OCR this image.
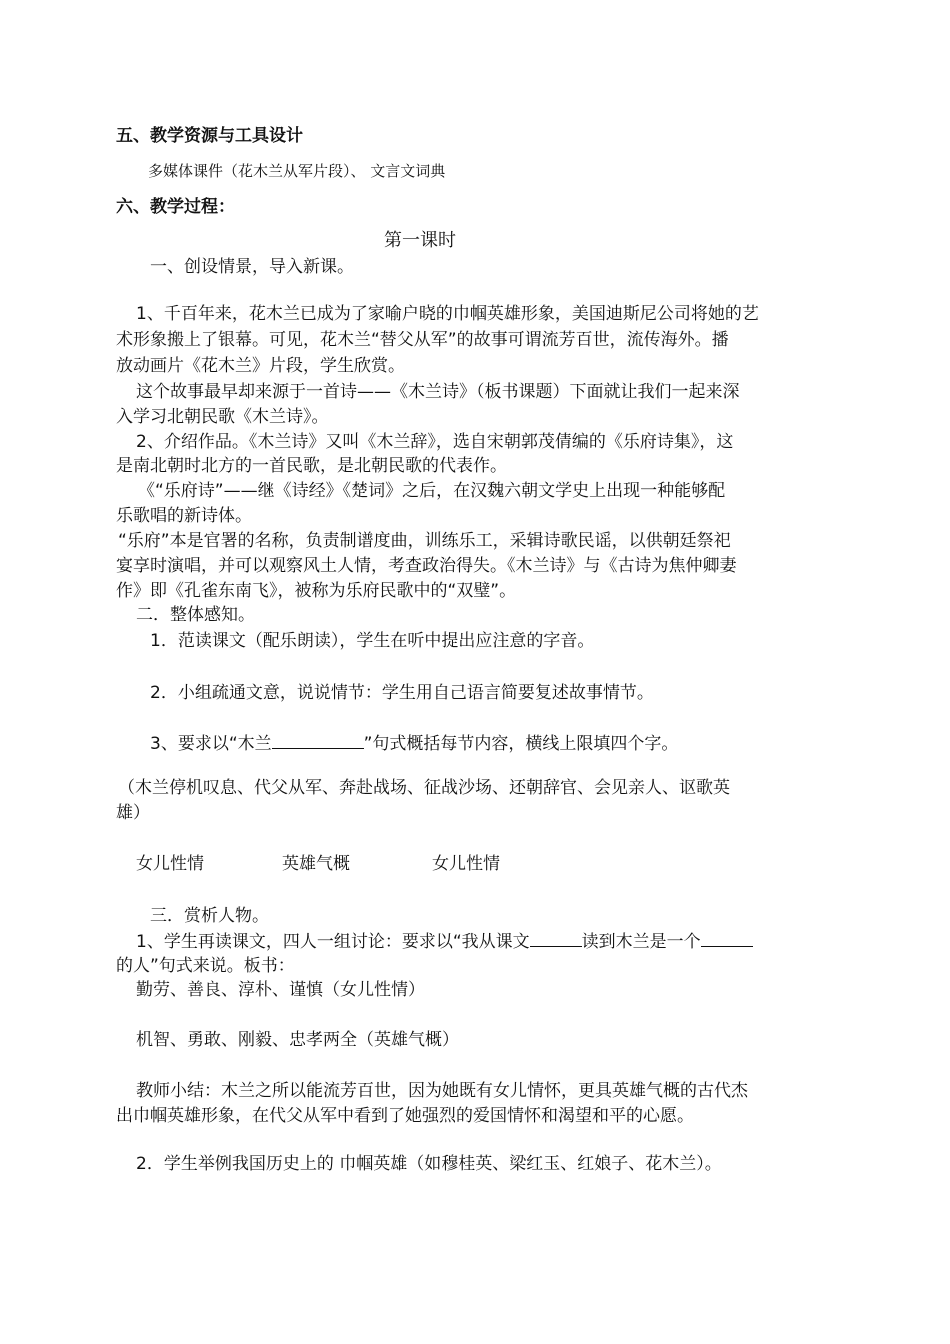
五、教学资源与工具设计
多媒体课件（花木兰从军片段）、 文言文词典
六、教学过程：
第一课时
一、创设情景，导入新课。
1、千百年来，花木兰已成为了家喻户晓的巾帼英雄形象，美国迪斯尼公司将她的艺
术形象搬上了银幕。可见，花木兰“替父从军”的故事可谓流芳百世，流传海外。播
放动画片《花木兰》片段，学生欣赏。
这个故事最早却来源于一首诗——《木兰诗》（板书课题）下面就让我们一起来深
入学习北朝民歌《木兰诗》。
2、介绍作品。《木兰诗》又叫《木兰辞》，选自宋朝郭茂倩编的《乐府诗集》，这
是南北朝时北方的一首民歌，是北朝民歌的代表作。
《“乐府诗”——继《诗经》《楚词》之后，在汉魏六朝文学史上出现一种能够配
乐歌唱的新诗体。
“乐府”本是官署的名称，负责制谱度曲，训练乐工，采辑诗歌民谣，以供朝廷祭祀
宴享时演唱，并可以观察风土人情，考查政治得失。《木兰诗》与《古诗为焦仲卿妻
作》即《孔雀东南飞》，被称为乐府民歌中的“双璧”。
二．整体感知。
1．范读课文（配乐朗读），学生在听中提出应注意的字音。
2．小组疏通文意，说说情节：学生用自己语言简要复述故事情节。
3、要求以“木兰	”句式概括每节内容，横线上限填四个字。
（木兰停机叹息、代父从军、奔赴战场、征战沙场、还朝辞官、会见亲人、讴歌英
雄）
女儿性情	英雄气概	女儿性情
三．赏析人物。
1、学生再读课文，四人一组讨论：要求以“我从课文	读到木兰是一个
的人”句式来说。板书：
勤劳、善良、淳朴、谨慎（女儿性情）
机智、勇敢、刚毅、忠孝两全（英雄气概）
教师小结：木兰之所以能流芳百世，因为她既有女儿情怀，更具英雄气概的古代杰
出巾帼英雄形象，在代父从军中看到了她强烈的爱国情怀和渴望和平的心愿。
2．学生举例我国历史上的 巾帼英雄（如穆桂英、梁红玉、红娘子、花木兰）。
